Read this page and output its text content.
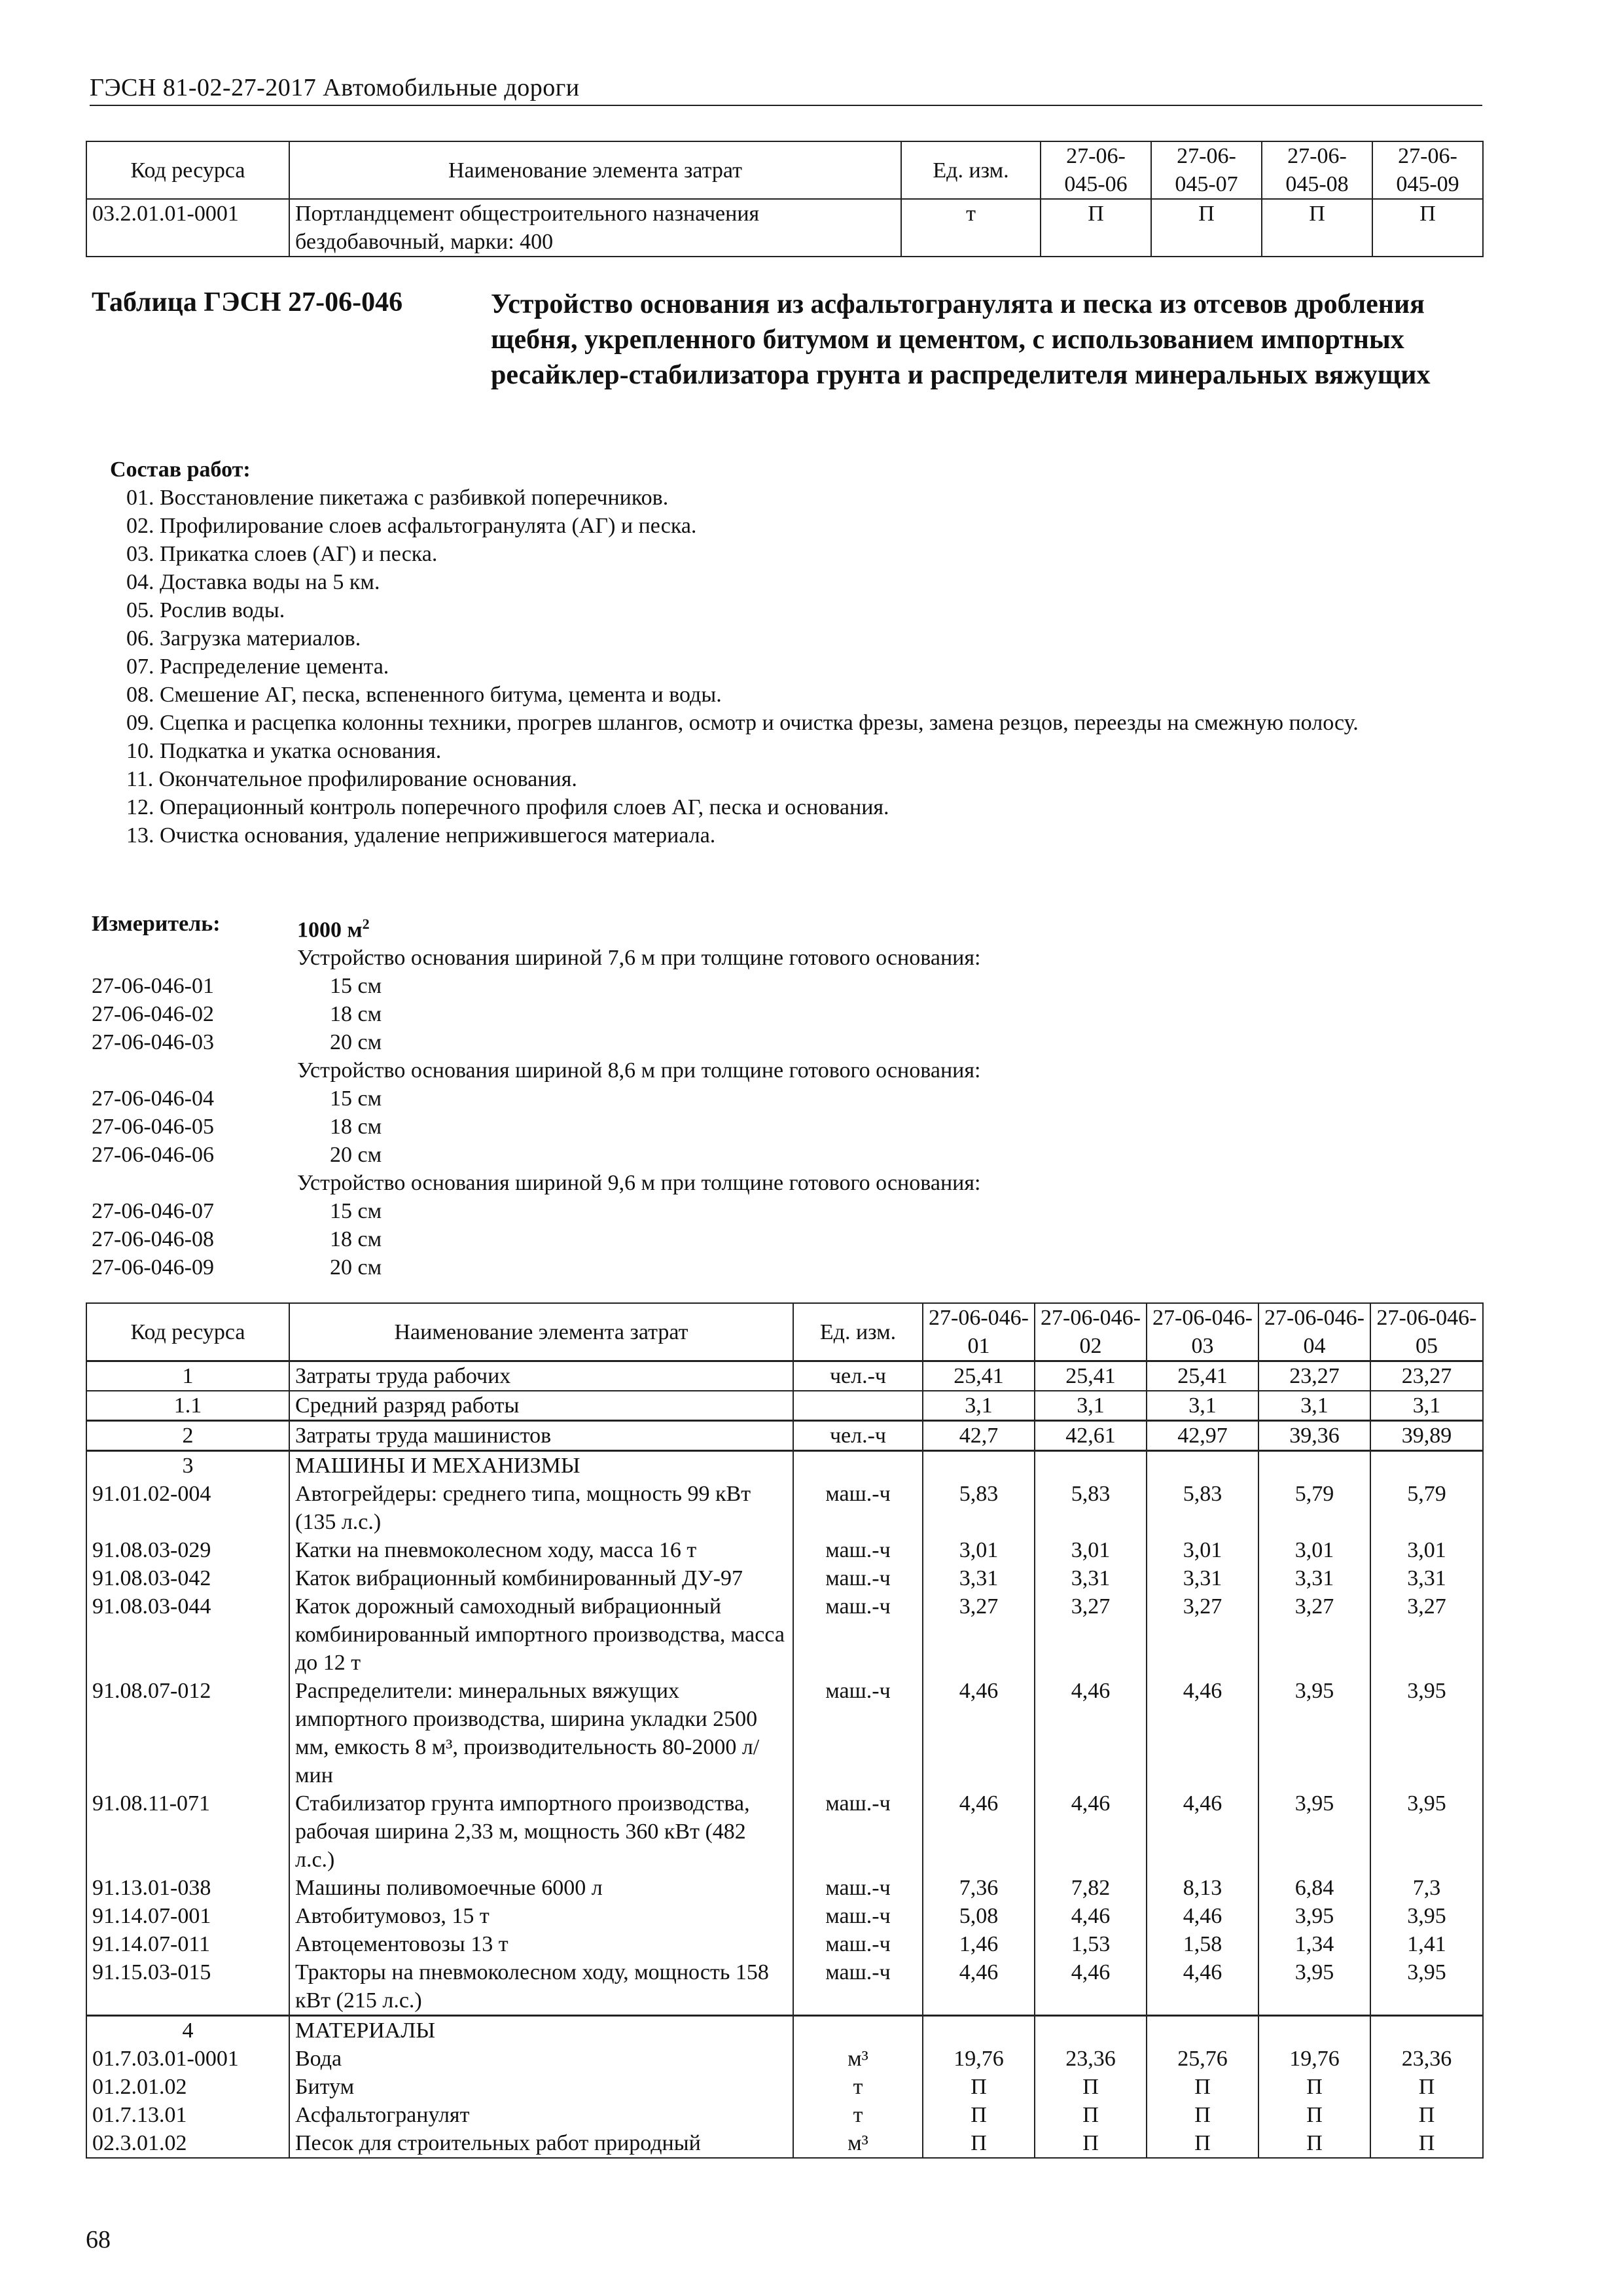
ГЭСН 81-02-27-2017 Автомобильные дороги
Код ресурса	Наименование элемента затрат	Ед. изм.	27-06-045-06	27-06-045-07	27-06-045-08	27-06-045-09
03.2.01.01-0001	Портландцемент общестроительного назначения бездобавочный, марки: 400	т	П	П	П	П
Таблица ГЭСН 27-06-046	Устройство основания из асфальтогранулята и песка из отсевов дробления щебня, укрепленного битумом и цементом, с использованием импортных ресайклер-стабилизатора грунта и распределителя минеральных вяжущих
Состав работ:
01. Восстановление пикетажа с разбивкой поперечников.
02. Профилирование слоев асфальтогранулята (АГ) и песка.
03. Прикатка слоев (АГ) и песка.
04. Доставка воды на 5 км.
05. Рослив воды.
06. Загрузка материалов.
07. Распределение цемента.
08. Смешение АГ, песка, вспененного битума, цемента и воды.
09. Сцепка и расцепка колонны техники, прогрев шлангов, осмотр и очистка фрезы, замена резцов, переезды на смежную полосу.
10. Подкатка и укатка основания.
11. Окончательное профилирование основания.
12. Операционный контроль поперечного профиля слоев АГ, песка и основания.
13. Очистка основания, удаление неприжившегося материала.
Измеритель:	1000 $м^2$
Устройство основания шириной 7,6 м при толщине готового основания:
27-06-046-01	15 см
27-06-046-02	18 см
27-06-046-03	20 см
Устройство основания шириной 8,6 м при толщине готового основания:
27-06-046-04	15 см
27-06-046-05	18 см
27-06-046-06	20 см
Устройство основания шириной 9,6 м при толщине готового основания:
27-06-046-07	15 см
27-06-046-08	18 см
27-06-046-09	20 см
Код ресурса	Наименование элемента затрат	Ед. изм.	27-06-046-01	27-06-046-02	27-06-046-03	27-06-046-04	27-06-046-05
1	Затраты труда рабочих	чел.-ч	25,41	25,41	25,41	23,27	23,27
1.1	Средний разряд работы		3,1	3,1	3,1	3,1	3,1
2	Затраты труда машинистов	чел.-ч	42,7	42,61	42,97	39,36	39,89
3	МАШИНЫ И МЕХАНИЗМЫ						
91.01.02-004	Автогрейдеры: среднего типа, мощность 99 кВт (135 л.с.)	маш.-ч	5,83	5,83	5,83	5,79	5,79
91.08.03-029	Катки на пневмоколесном ходу, масса 16 т	маш.-ч	3,01	3,01	3,01	3,01	3,01
91.08.03-042	Каток вибрационный комбинированный ДУ-97	маш.-ч	3,31	3,31	3,31	3,31	3,31
91.08.03-044	Каток дорожный самоходный вибрационный комбинированный импортного производства, масса до 12 т	маш.-ч	3,27	3,27	3,27	3,27	3,27
91.08.07-012	Распределители: минеральных вяжущих импортного производства, ширина укладки 2500 мм, емкость 8 м³, производительность 80-2000 л/мин	маш.-ч	4,46	4,46	4,46	3,95	3,95
91.08.11-071	Стабилизатор грунта импортного производства, рабочая ширина 2,33 м, мощность 360 кВт (482 л.с.)	маш.-ч	4,46	4,46	4,46	3,95	3,95
91.13.01-038	Машины поливомоечные 6000 л	маш.-ч	7,36	7,82	8,13	6,84	7,3
91.14.07-001	Автобитумовоз, 15 т	маш.-ч	5,08	4,46	4,46	3,95	3,95
91.14.07-011	Автоцементовозы 13 т	маш.-ч	1,46	1,53	1,58	1,34	1,41
91.15.03-015	Тракторы на пневмоколесном ходу, мощность 158 кВт (215 л.с.)	маш.-ч	4,46	4,46	4,46	3,95	3,95
4	МАТЕРИАЛЫ						
01.7.03.01-0001	Вода	м³	19,76	23,36	25,76	19,76	23,36
01.2.01.02	Битум	т	П	П	П	П	П
01.7.13.01	Асфальтогранулят	т	П	П	П	П	П
02.3.01.02	Песок для строительных работ природный	м³	П	П	П	П	П
68
